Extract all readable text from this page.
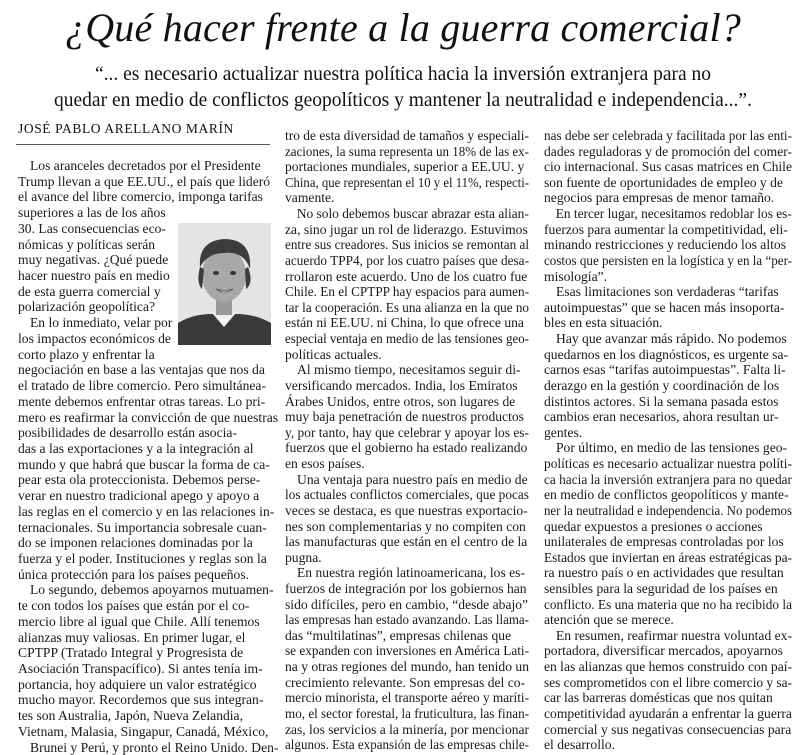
¿Qué hacer frente a la guerra comercial?
“... es necesario actualizar nuestra política hacia la inversión extranjera para no
quedar en medio de conflictos geopolíticos y mantener la neutralidad e independencia...”.
JOSÉ PABLO ARELLANO MARÍN
Los aranceles decretados por el Presidente
Trump llevan a que EE.UU., el país que lideró
el avance del libre comercio, imponga tarifas
superiores a las de los años
30. Las consecuencias eco-
nómicas y políticas serán
muy negativas. ¿Qué puede
hacer nuestro país en medio
de esta guerra comercial y
polarización geopolítica?
En lo inmediato, velar por
los impactos económicos de
corto plazo y enfrentar la
negociación en base a las ventajas que nos da
el tratado de libre comercio. Pero simultánea-
mente debemos enfrentar otras tareas. Lo pri-
mero es reafirmar la convicción de que nuestras
posibilidades de desarrollo están asocia-
das a las exportaciones y a la integración al
mundo y que habrá que buscar la forma de ca-
pear esta ola proteccionista. Debemos perse-
verar en nuestro tradicional apego y apoyo a
las reglas en el comercio y en las relaciones in-
ternacionales. Su importancia sobresale cuan-
do se imponen relaciones dominadas por la
fuerza y el poder. Instituciones y reglas son la
única protección para los países pequeños.
Lo segundo, debemos apoyarnos mutuamen-
te con todos los países que están por el co-
mercio libre al igual que Chile. Allí tenemos
alianzas muy valiosas. En primer lugar, el
CPTPP (Tratado Integral y Progresista de
Asociación Transpacífico). Si antes tenía im-
portancia, hoy adquiere un valor estratégico
mucho mayor. Recordemos que sus integran-
tes son Australia, Japón, Nueva Zelandia,
Vietnam, Malasia, Singapur, Canadá, México,
Brunei y Perú, y pronto el Reino Unido. Den-
tro de esta diversidad de tamaños y especiali-
zaciones, la suma representa un 18% de las ex-
portaciones mundiales, superior a EE.UU. y
China, que representan el 10 y el 11%, respecti-
vamente.
No solo debemos buscar abrazar esta alian-
za, sino jugar un rol de liderazgo. Estuvimos
entre sus creadores. Sus inicios se remontan al
acuerdo TPP4, por los cuatro países que desa-
rrollaron este acuerdo. Uno de los cuatro fue
Chile. En el CPTPP hay espacios para aumen-
tar la cooperación. Es una alianza en la que no
están ni EE.UU. ni China, lo que ofrece una
especial ventaja en medio de las tensiones geo-
políticas actuales.
Al mismo tiempo, necesitamos seguir di-
versificando mercados. India, los Emiratos
Árabes Unidos, entre otros, son lugares de
muy baja penetración de nuestros productos
y, por tanto, hay que celebrar y apoyar los es-
fuerzos que el gobierno ha estado realizando
en esos países.
Una ventaja para nuestro país en medio de
los actuales conflictos comerciales, que pocas
veces se destaca, es que nuestras exportacio-
nes son complementarias y no compiten con
las manufacturas que están en el centro de la
pugna.
En nuestra región latinoamericana, los es-
fuerzos de integración por los gobiernos han
sido difíciles, pero en cambio, “desde abajo”
las empresas han estado avanzando. Las llama-
das “multilatinas”, empresas chilenas que
se expanden con inversiones en América Lati-
na y otras regiones del mundo, han tenido un
crecimiento relevante. Son empresas del co-
mercio minorista, el transporte aéreo y maríti-
mo, el sector forestal, la fruticultura, las finan-
zas, los servicios a la minería, por mencionar
algunos. Esta expansión de las empresas chile-
nas debe ser celebrada y facilitada por las enti-
dades reguladoras y de promoción del comer-
cio internacional. Sus casas matrices en Chile
son fuente de oportunidades de empleo y de
negocios para empresas de menor tamaño.
En tercer lugar, necesitamos redoblar los es-
fuerzos para aumentar la competitividad, eli-
minando restricciones y reduciendo los altos
costos que persisten en la logística y en la “per-
misología”.
Esas limitaciones son verdaderas “tarifas
autoimpuestas” que se hacen más insoporta-
bles en esta situación.
Hay que avanzar más rápido. No podemos
quedarnos en los diagnósticos, es urgente sa-
carnos esas “tarifas autoimpuestas”. Falta li-
derazgo en la gestión y coordinación de los
distintos actores. Si la semana pasada estos
cambios eran necesarios, ahora resultan ur-
gentes.
Por último, en medio de las tensiones geo-
políticas es necesario actualizar nuestra políti-
ca hacia la inversión extranjera para no quedar
en medio de conflictos geopolíticos y mante-
ner la neutralidad e independencia. No podemos
quedar expuestos a presiones o acciones
unilaterales de empresas controladas por los
Estados que inviertan en áreas estratégicas pa-
ra nuestro país o en actividades que resultan
sensibles para la seguridad de los países en
conflicto. Es una materia que no ha recibido la
atención que se merece.
En resumen, reafirmar nuestra voluntad ex-
portadora, diversificar mercados, apoyarnos
en las alianzas que hemos construido con paí-
ses comprometidos con el libre comercio y sa-
car las barreras domésticas que nos quitan
competitividad ayudarán a enfrentar la guerra
comercial y sus negativas consecuencias para
el desarrollo.
